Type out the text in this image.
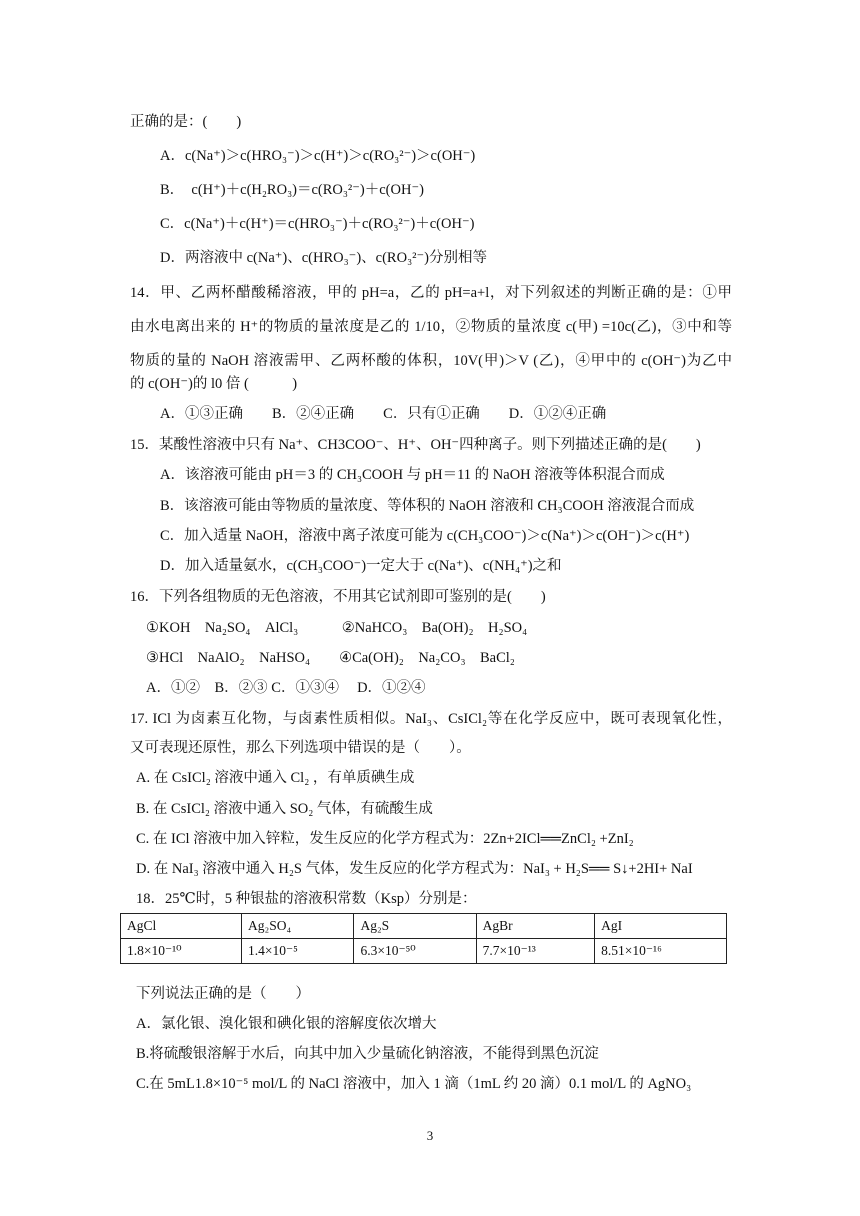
正确的是：(　　)
A．c(Na⁺)＞c(HRO₃⁻)＞c(H⁺)＞c(RO₃²⁻)＞c(OH⁻)
B．　c(H⁺)＋c(H₂RO₃)＝c(RO₃²⁻)＋c(OH⁻)
C．c(Na⁺)＋c(H⁺)＝c(HRO₃⁻)＋c(RO₃²⁻)＋c(OH⁻)
D．两溶液中 c(Na⁺)、c(HRO₃⁻)、c(RO₃²⁻)分别相等
14．甲、乙两杯醋酸稀溶液，甲的 pH=a，乙的 pH=a+l，对下列叙述的判断正确的是：①甲
由水电离出来的 H⁺的物质的量浓度是乙的 1/10，②物质的量浓度 c(甲) =10c(乙)，③中和等
物质的量的 NaOH 溶液需甲、乙两杯酸的体积，10V(甲)＞V (乙)，④甲中的 c(OH⁻)为乙中
的 c(OH⁻)的 l0 倍 (　　　)
A．①③正确　　B．②④正确　　C．只有①正确　　D．①②④正确
15．某酸性溶液中只有 Na⁺、CH3COO⁻、H⁺、OH⁻四种离子。则下列描述正确的是(　　)
A．该溶液可能由 pH＝3 的 CH₃COOH 与 pH＝11 的 NaOH 溶液等体积混合而成
B．该溶液可能由等物质的量浓度、等体积的 NaOH 溶液和 CH₃COOH 溶液混合而成
C．加入适量 NaOH，溶液中离子浓度可能为 c(CH₃COO⁻)＞c(Na⁺)＞c(OH⁻)＞c(H⁺)
D．加入适量氨水，c(CH₃COO⁻)一定大于 c(Na⁺)、c(NH₄⁺)之和
16．下列各组物质的无色溶液，不用其它试剂即可鉴别的是(　　)
①KOH　Na₂SO₄　AlCl₃　　　②NaHCO₃　Ba(OH)₂　H₂SO₄
③HCl　NaAlO₂　NaHSO₄　　④Ca(OH)₂　Na₂CO₃　BaCl₂
A．①②　B．②③ C．①③④　 D．①②④
17. ICl 为卤素互化物，与卤素性质相似。NaI₃、CsICl₂等在化学反应中，既可表现氧化性，
又可表现还原性，那么下列选项中错误的是（　　）。
A. 在 CsICl₂ 溶液中通入 Cl₂ ，有单质碘生成
B. 在 CsICl₂ 溶液中通入 SO₂ 气体，有硫酸生成
C. 在 ICl 溶液中加入锌粒，发生反应的化学方程式为：2Zn+2ICl══ZnCl₂ +ZnI₂
D. 在 NaI₃ 溶液中通入 H₂S 气体，发生反应的化学方程式为：NaI₃ + H₂S══ S↓+2HI+ NaI
18．25℃时，5 种银盐的溶液积常数（Ksp）分别是：
AgCl	Ag₂SO₄	Ag₂S	AgBr	AgI
1.8×10⁻¹⁰	1.4×10⁻⁵	6.3×10⁻⁵⁰	7.7×10⁻¹³	8.51×10⁻¹⁶
下列说法正确的是（　　）
A．氯化银、溴化银和碘化银的溶解度依次增大
B.将硫酸银溶解于水后，向其中加入少量硫化钠溶液，不能得到黑色沉淀
C.在 5mL1.8×10⁻⁵ mol/L 的 NaCl 溶液中，加入 1 滴（1mL 约 20 滴）0.1 mol/L 的 AgNO₃
3
